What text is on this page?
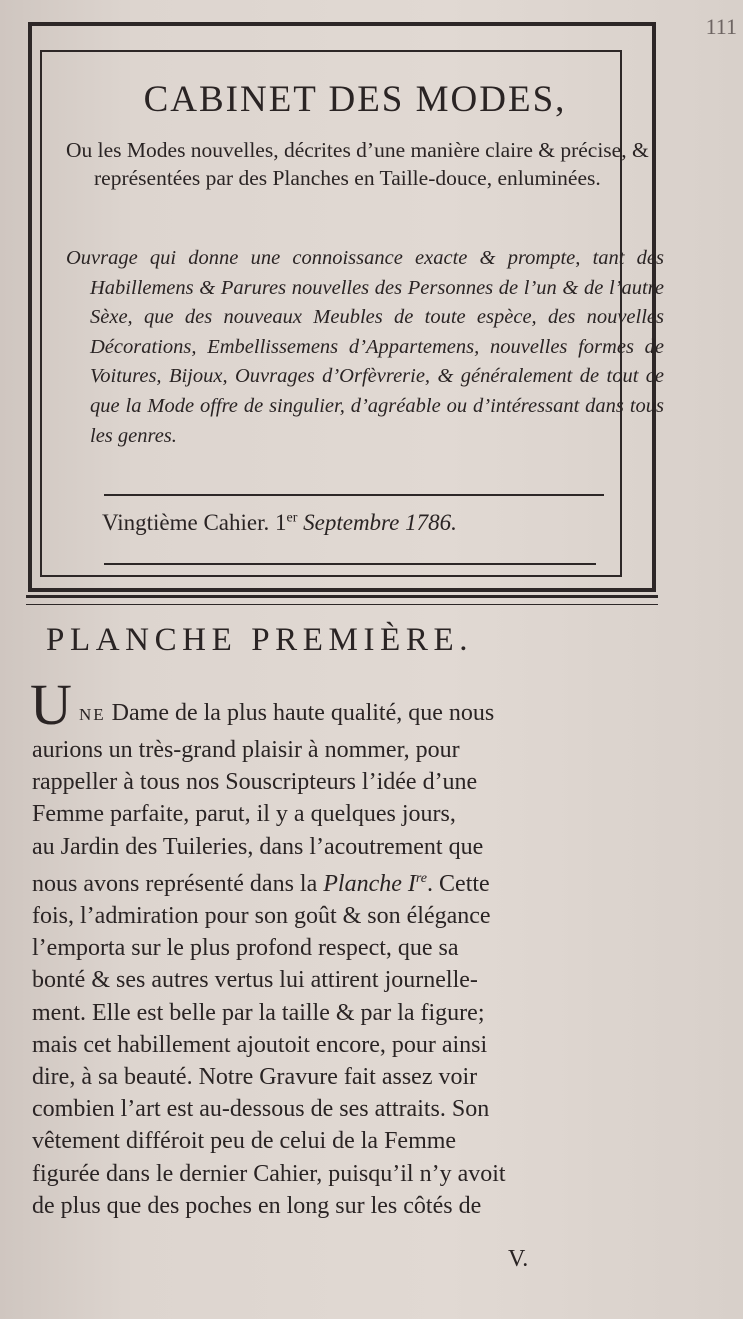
111
CABINET DES MODES,
Ou les Modes nouvelles, décrites d’une manière claire & précise, & représentées par des Planches en Taille-douce, enluminées.
Ouvrage qui donne une connoissance exacte & prompte, tant des Habillemens & Parures nouvelles des Personnes de l’un & de l’autre Sèxe, que des nouveaux Meubles de toute espèce, des nouvelles Décorations, Embellissemens d’Appartemens, nouvelles formes de Voitures, Bijoux, Ouvrages d’Orfèvrerie, & généralement de tout ce que la Mode offre de singulier, d’agréable ou d’intéressant dans tous les genres.
Vingtième Cahier. 1er Septembre 1786.
PLANCHE PREMIÈRE.
U NE Dame de la plus haute qualité, que nous
aurions un très-grand plaisir à nommer, pour
rappeller à tous nos Souscripteurs l’idée d’une
Femme parfaite, parut, il y a quelques jours,
au Jardin des Tuileries, dans l’acoutrement que
nous avons représenté dans la Planche Ire. Cette
fois, l’admiration pour son goût & son élégance
l’emporta sur le plus profond respect, que sa
bonté & ses autres vertus lui attirent journelle-
ment. Elle est belle par la taille & par la figure;
mais cet habillement ajoutoit encore, pour ainsi
dire, à sa beauté. Notre Gravure fait assez voir
combien l’art est au-dessous de ses attraits. Son
vêtement différoit peu de celui de la Femme
figurée dans le dernier Cahier, puisqu’il n’y avoit
de plus que des poches en long sur les côtés de
V.
